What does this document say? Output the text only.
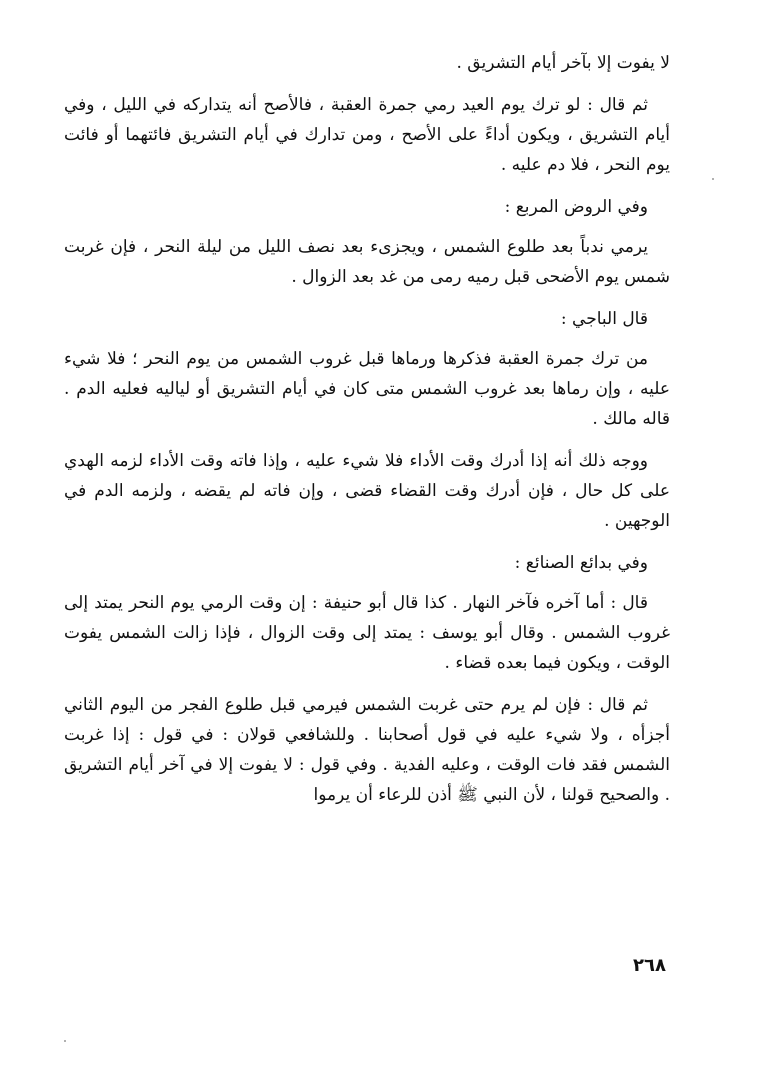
لا يفوت إلا بآخر أيام التشريق .

ثم قال : لو ترك يوم العيد رمي جمرة العقبة ، فالأصح أنه يتداركه في الليل ، وفي أيام التشريق ، ويكون أداءً على الأصح ، ومن تدارك في أيام التشريق فائتهما أو فائت يوم النحر ، فلا دم عليه .

وفي الروض المربع :

يرمي ندباً بعد طلوع الشمس ، ويجزىء بعد نصف الليل من ليلة النحر ، فإن غربت شمس يوم الأضحى قبل رميه رمى من غد بعد الزوال .

قال الباجي :

من ترك جمرة العقبة فذكرها ورماها قبل غروب الشمس من يوم النحر ؛ فلا شيء عليه ، وإن رماها بعد غروب الشمس متى كان في أيام التشريق أو لياليه فعليه الدم . قاله مالك .

ووجه ذلك أنه إذا أدرك وقت الأداء فلا شيء عليه ، وإذا فاته وقت الأداء لزمه الهدي على كل حال ، فإن أدرك وقت القضاء قضى ، وإن فاته لم يقضه ، ولزمه الدم في الوجهين .

وفي بدائع الصنائع :

قال : أما آخره فآخر النهار . كذا قال أبو حنيفة : إن وقت الرمي يوم النحر يمتد إلى غروب الشمس . وقال أبو يوسف : يمتد إلى وقت الزوال ، فإذا زالت الشمس يفوت الوقت ، ويكون فيما بعده قضاء .

ثم قال : فإن لم يرم حتى غربت الشمس فيرمي قبل طلوع الفجر من اليوم الثاني أجزأه ، ولا شيء عليه في قول أصحابنا . وللشافعي قولان : في قول : إذا غربت الشمس فقد فات الوقت ، وعليه الفدية . وفي قول : لا يفوت إلا في آخر أيام التشريق . والصحيح قولنا ، لأن النبي ﷺ أذن للرعاء أن يرموا

٢٦٨
